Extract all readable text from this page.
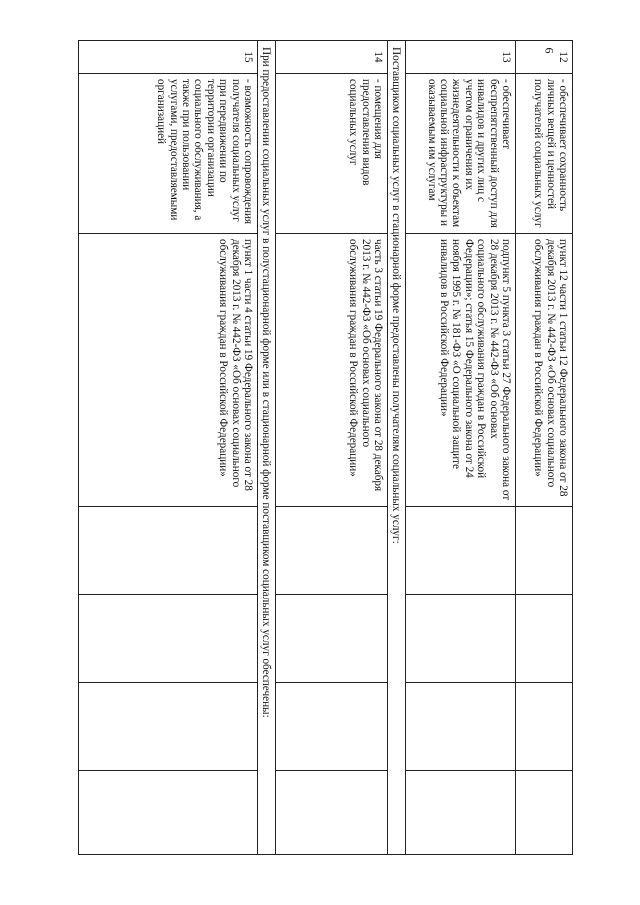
6
12
- обеспечивает сохранность личных вещей и ценностей получателей социальных услуг
пункт 12 части 1 статьи 12 Федерального закона от 28 декабря 2013 г. № 442-ФЗ «Об основах социального обслуживания граждан в Российской Федерации»
13
- обеспечивает беспрепятственный доступ для инвалидов и других лиц с учетом ограничения их жизнедеятельности к объектам социальной инфраструктуры и оказываемым им услугам
подпункт 5 пункта 3 статьи 27 Федерального закона от 28 декабря 2013 г. № 442-ФЗ «Об основах социального обслуживания граждан в Российской Федерации»; статья 15 Федерального закона от 24 ноября 1995 г. № 181-ФЗ «О социальной защите инвалидов в Российской Федерации»
Поставщиком социальных услуг в стационарной форме предоставлены получателям социальных услуг:
14
- помещения для предоставления видов социальных услуг
часть 3 статьи 19 Федерального закона от 28 декабря 2013 г. № 442-ФЗ «Об основах социального обслуживания граждан в Российской Федерации»
При предоставлении социальных услуг в полустационарной форме или в стационарной форме поставщиком социальных услуг обеспечены:
15
- возможность сопровождения получателя социальных услуг при передвижении по территории организации социального обслуживания, а также при пользовании услугами, предоставляемыми организацией
пункт 1 части 4 статьи 19 Федерального закона от 28 декабря 2013 г. № 442-ФЗ «Об основах социального обслуживания граждан в Российской Федерации»
